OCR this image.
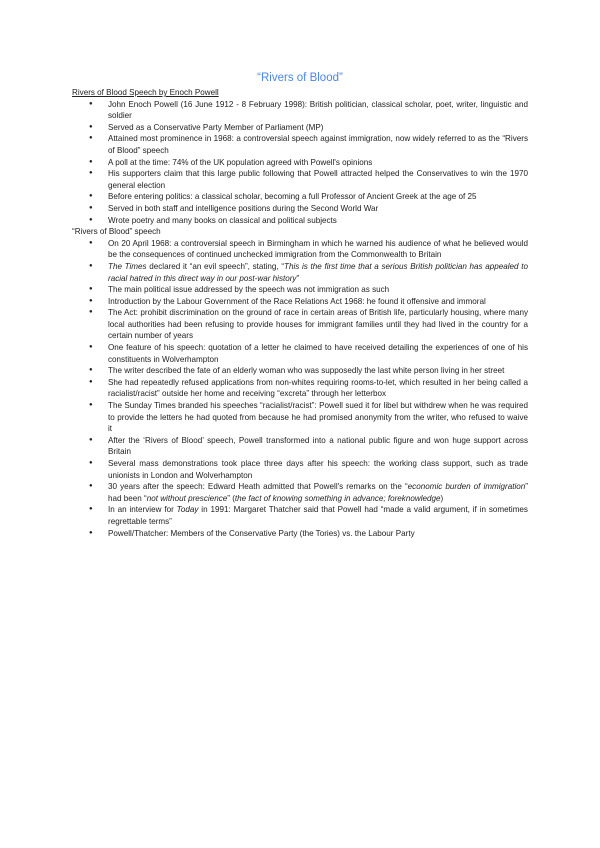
“Rivers of Blood”
Rivers of Blood Speech by Enoch Powell
● John Enoch Powell (16 June 1912 - 8 February 1998): British politician, classical scholar, poet, writer, linguistic and soldier
● Served as a Conservative Party Member of Parliament (MP)
● Attained most prominence in 1968: a controversial speech against immigration, now widely referred to as the “Rivers of Blood” speech
● A poll at the time: 74% of the UK population agreed with Powell's opinions
● His supporters claim that this large public following that Powell attracted helped the Conservatives to win the 1970 general election
● Before entering politics: a classical scholar, becoming a full Professor of Ancient Greek at the age of 25
● Served in both staff and intelligence positions during the Second World War
● Wrote poetry and many books on classical and political subjects
“Rivers of Blood” speech
● On 20 April 1968: a controversial speech in Birmingham in which he warned his audience of what he believed would be the consequences of continued unchecked immigration from the Commonwealth to Britain
● The Times declared it “an evil speech”, stating, “This is the first time that a serious British politician has appealed to racial hatred in this direct way in our post-war history”
● The main political issue addressed by the speech was not immigration as such
● Introduction by the Labour Government of the Race Relations Act 1968: he found it offensive and immoral
● The Act: prohibit discrimination on the ground of race in certain areas of British life, particularly housing, where many local authorities had been refusing to provide houses for immigrant families until they had lived in the country for a certain number of years
● One feature of his speech: quotation of a letter he claimed to have received detailing the experiences of one of his constituents in Wolverhampton
● The writer described the fate of an elderly woman who was supposedly the last white person living in her street
● She had repeatedly refused applications from non-whites requiring rooms-to-let, which resulted in her being called a racialist/racist” outside her home and receiving “excreta” through her letterbox
● The Sunday Times branded his speeches “racialist/racist”: Powell sued it for libel but withdrew when he was required to provide the letters he had quoted from because he had promised anonymity from the writer, who refused to waive it
● After the ‘Rivers of Blood’ speech, Powell transformed into a national public figure and won huge support across Britain
● Several mass demonstrations took place three days after his speech: the working class support, such as trade unionists in London and Wolverhampton
● 30 years after the speech: Edward Heath admitted that Powell's remarks on the “economic burden of immigration” had been “not without prescience” (the fact of knowing something in advance; foreknowledge)
● In an interview for Today in 1991: Margaret Thatcher said that Powell had “made a valid argument, if in sometimes regrettable terms”
● Powell/Thatcher: Members of the Conservative Party (the Tories) vs. the Labour Party
